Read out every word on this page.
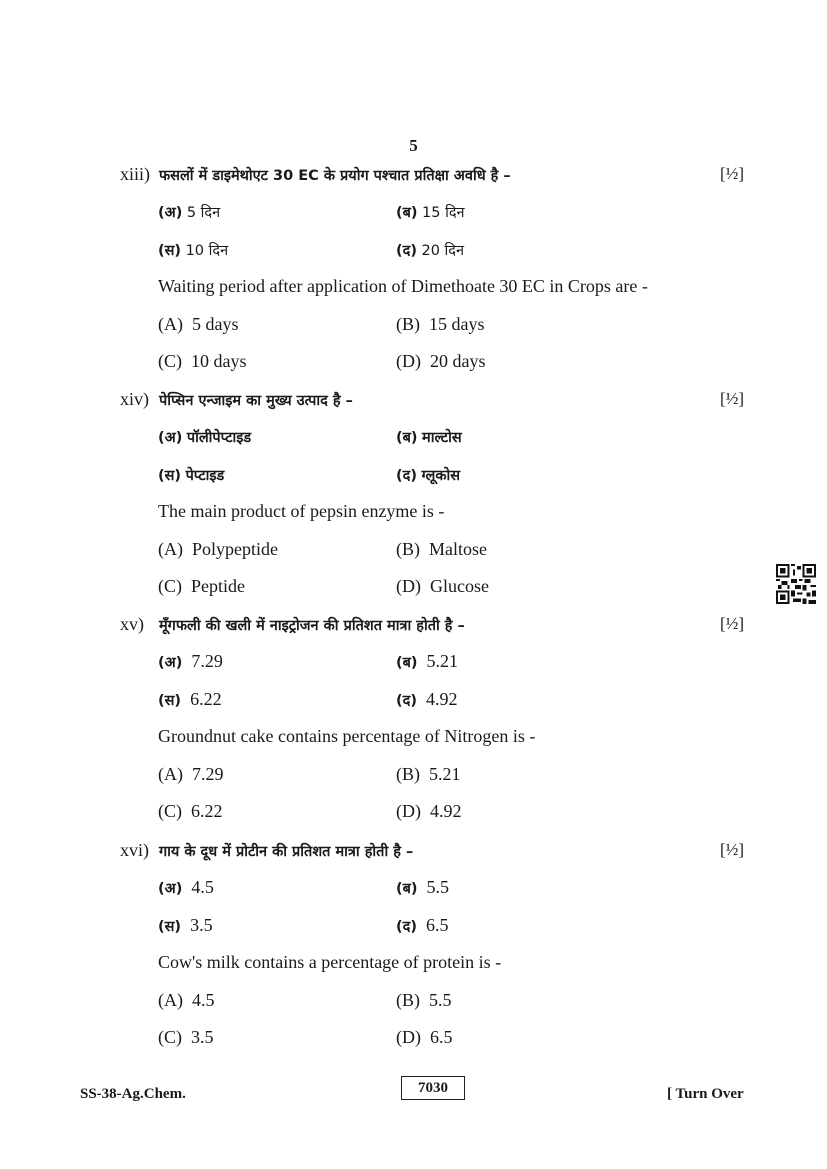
5
xiii) फसलों में डाइमेथोएट 30 EC के प्रयोग पश्चात प्रतिक्षा अवधि है –	[½]
(अ) 5 दिन	(ब) 15 दिन
(स) 10 दिन	(द) 20 दिन
Waiting period after application of Dimethoate 30 EC in Crops are -
(A) 5 days	(B) 15 days
(C) 10 days	(D) 20 days
xiv) पेप्सिन एन्जाइम का मुख्य उत्पाद है –	[½]
(अ) पॉलीपेप्टाइड	(ब) माल्टोस
(स) पेप्टाइड	(द) ग्लूकोस
The main product of pepsin enzyme is -
(A) Polypeptide	(B) Maltose
(C) Peptide	(D) Glucose
xv) मूँगफली की खली में नाइट्रोजन की प्रतिशत मात्रा होती है –	[½]
(अ) 7.29	(ब) 5.21
(स) 6.22	(द) 4.92
Groundnut cake contains percentage of Nitrogen is -
(A) 7.29	(B) 5.21
(C) 6.22	(D) 4.92
xvi) गाय के दूध में प्रोटीन की प्रतिशत मात्रा होती है –	[½]
(अ) 4.5	(ब) 5.5
(स) 3.5	(द) 6.5
Cow's milk contains a percentage of protein is -
(A) 4.5	(B) 5.5
(C) 3.5	(D) 6.5
SS-38-Ag.Chem.	7030	[ Turn Over
